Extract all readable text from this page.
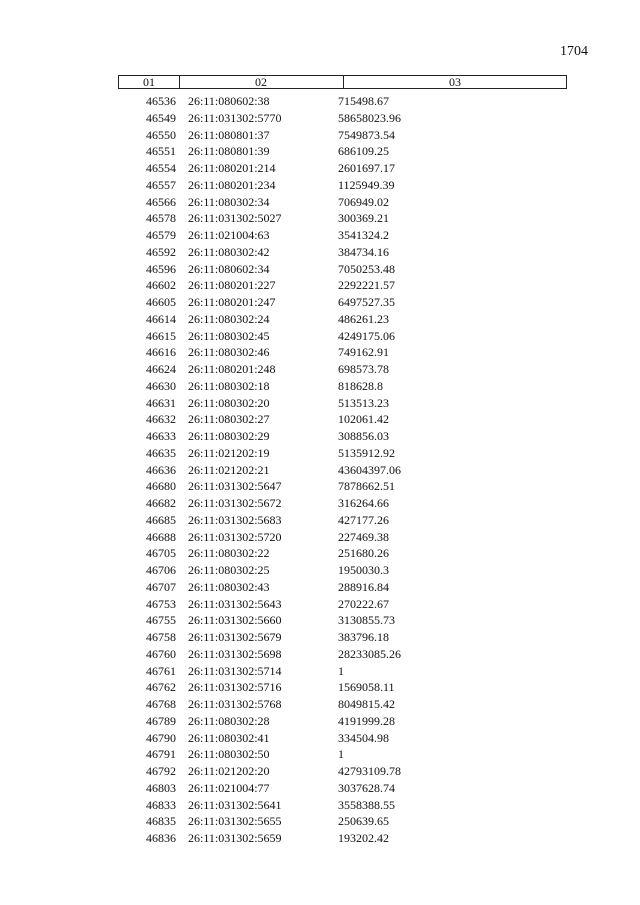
1704
01	02	03
46536 26:11:080602:38	715498.67
46549 26:11:031302:5770	58658023.96
46550 26:11:080801:37	7549873.54
46551 26:11:080801:39	686109.25
46554 26:11:080201:214	2601697.17
46557 26:11:080201:234	1125949.39
46566 26:11:080302:34	706949.02
46578 26:11:031302:5027	300369.21
46579 26:11:021004:63	3541324.2
46592 26:11:080302:42	384734.16
46596 26:11:080602:34	7050253.48
46602 26:11:080201:227	2292221.57
46605 26:11:080201:247	6497527.35
46614 26:11:080302:24	486261.23
46615 26:11:080302:45	4249175.06
46616 26:11:080302:46	749162.91
46624 26:11:080201:248	698573.78
46630 26:11:080302:18	818628.8
46631 26:11:080302:20	513513.23
46632 26:11:080302:27	102061.42
46633 26:11:080302:29	308856.03
46635 26:11:021202:19	5135912.92
46636 26:11:021202:21	43604397.06
46680 26:11:031302:5647	7878662.51
46682 26:11:031302:5672	316264.66
46685 26:11:031302:5683	427177.26
46688 26:11:031302:5720	227469.38
46705 26:11:080302:22	251680.26
46706 26:11:080302:25	1950030.3
46707 26:11:080302:43	288916.84
46753 26:11:031302:5643	270222.67
46755 26:11:031302:5660	3130855.73
46758 26:11:031302:5679	383796.18
46760 26:11:031302:5698	28233085.26
46761 26:11:031302:5714	1
46762 26:11:031302:5716	1569058.11
46768 26:11:031302:5768	8049815.42
46789 26:11:080302:28	4191999.28
46790 26:11:080302:41	334504.98
46791 26:11:080302:50	1
46792 26:11:021202:20	42793109.78
46803 26:11:021004:77	3037628.74
46833 26:11:031302:5641	3558388.55
46835 26:11:031302:5655	250639.65
46836 26:11:031302:5659	193202.42
